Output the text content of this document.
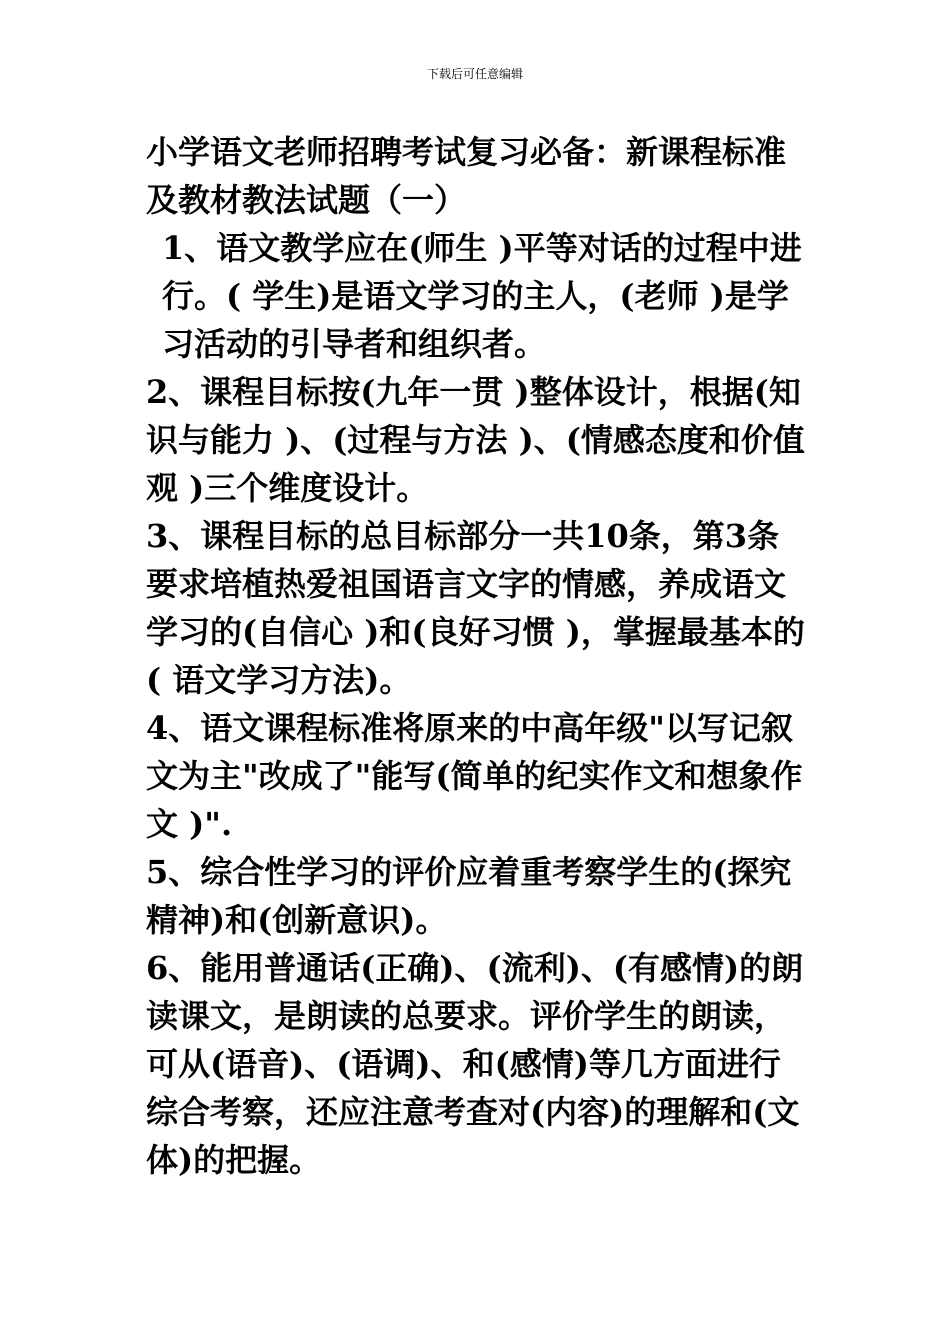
下载后可任意编辑

小学语文老师招聘考试复习必备：新课程标准及教材教法试题（一）

1、语文教学应在(师生 )平等对话的过程中进行。( 学生)是语文学习的主人，(老师 )是学习活动的引导者和组织者。

2、课程目标按(九年一贯 )整体设计，根据(知识与能力 )、(过程与方法 )、(情感态度和价值观 )三个维度设计。

3、课程目标的总目标部分一共10条，第3条要求培植热爱祖国语言文字的情感，养成语文学习的(自信心 )和(良好习惯 )，掌握最基本的( 语文学习方法)。

4、语文课程标准将原来的中高年级"以写记叙文为主"改成了"能写(简单的纪实作文和想象作文 )".

5、综合性学习的评价应着重考察学生的(探究精神)和(创新意识)。

6、能用普通话(正确)、(流利)、(有感情)的朗读课文，是朗读的总要求。评价学生的朗读，可从(语音)、(语调)、和(感情)等几方面进行综合考察，还应注意考查对(内容)的理解和(文体)的把握。
